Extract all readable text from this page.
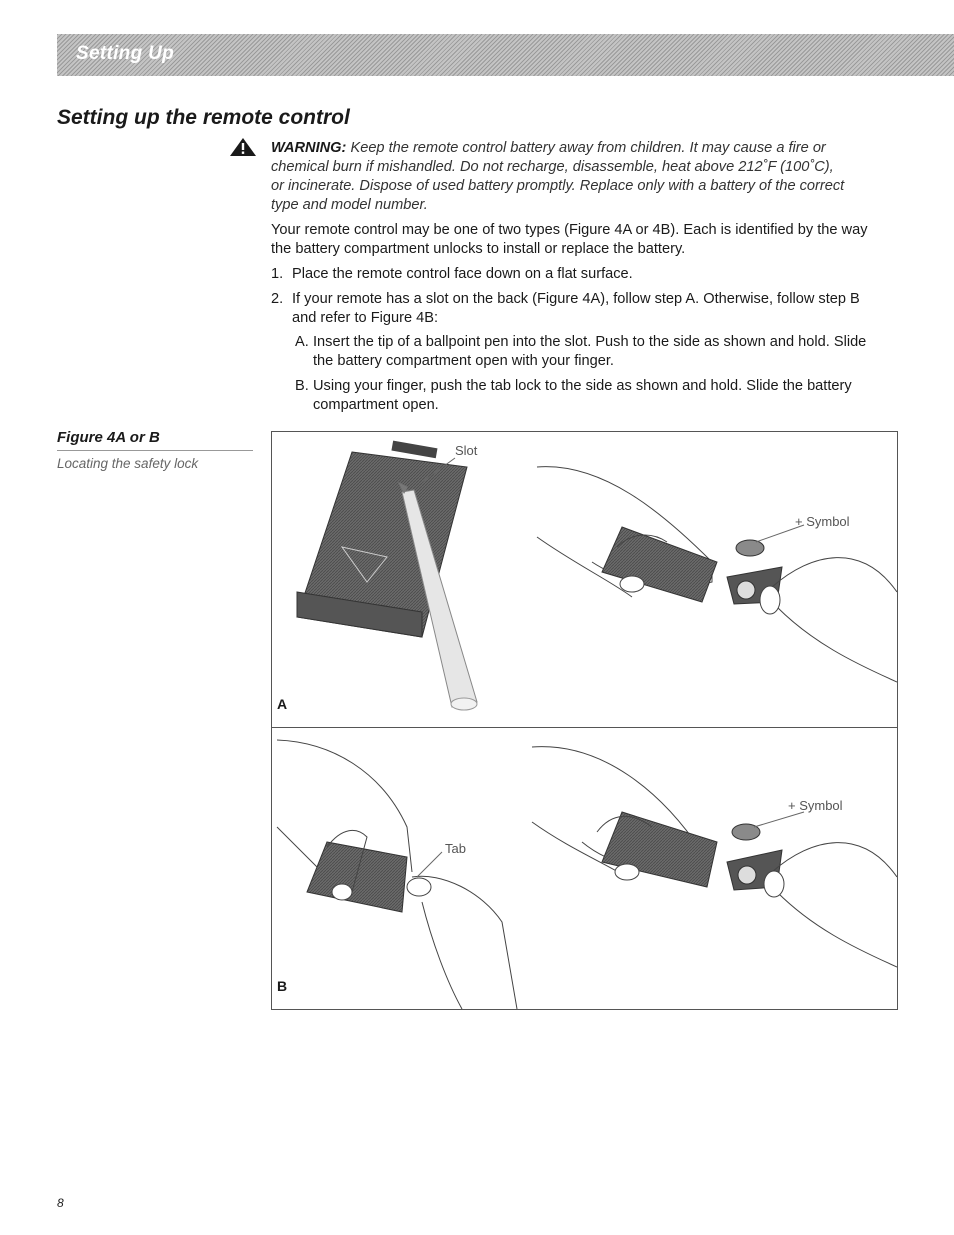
Setting Up
Setting up the remote control
WARNING: Keep the remote control battery away from children. It may cause a fire or
chemical burn if mishandled. Do not recharge, disassemble, heat above 212˚F (100˚C),
or incinerate. Dispose of used battery promptly. Replace only with a battery of the correct
type and model number.
Your remote control may be one of two types (Figure 4A or 4B). Each is identified by the way
the battery compartment unlocks to install or replace the battery.
1. Place the remote control face down on a flat surface.
2. If your remote has a slot on the back (Figure 4A), follow step A. Otherwise, follow step B
and refer to Figure 4B:
A. Insert the tip of a ballpoint pen into the slot. Push to the side as shown and hold. Slide
the battery compartment open with your finger.
B. Using your finger, push the tab lock to the side as shown and hold. Slide the battery
compartment open.
Figure 4A or B
Locating the safety lock
Slot
+ Symbol
A
Tab
+ Symbol
B
8
